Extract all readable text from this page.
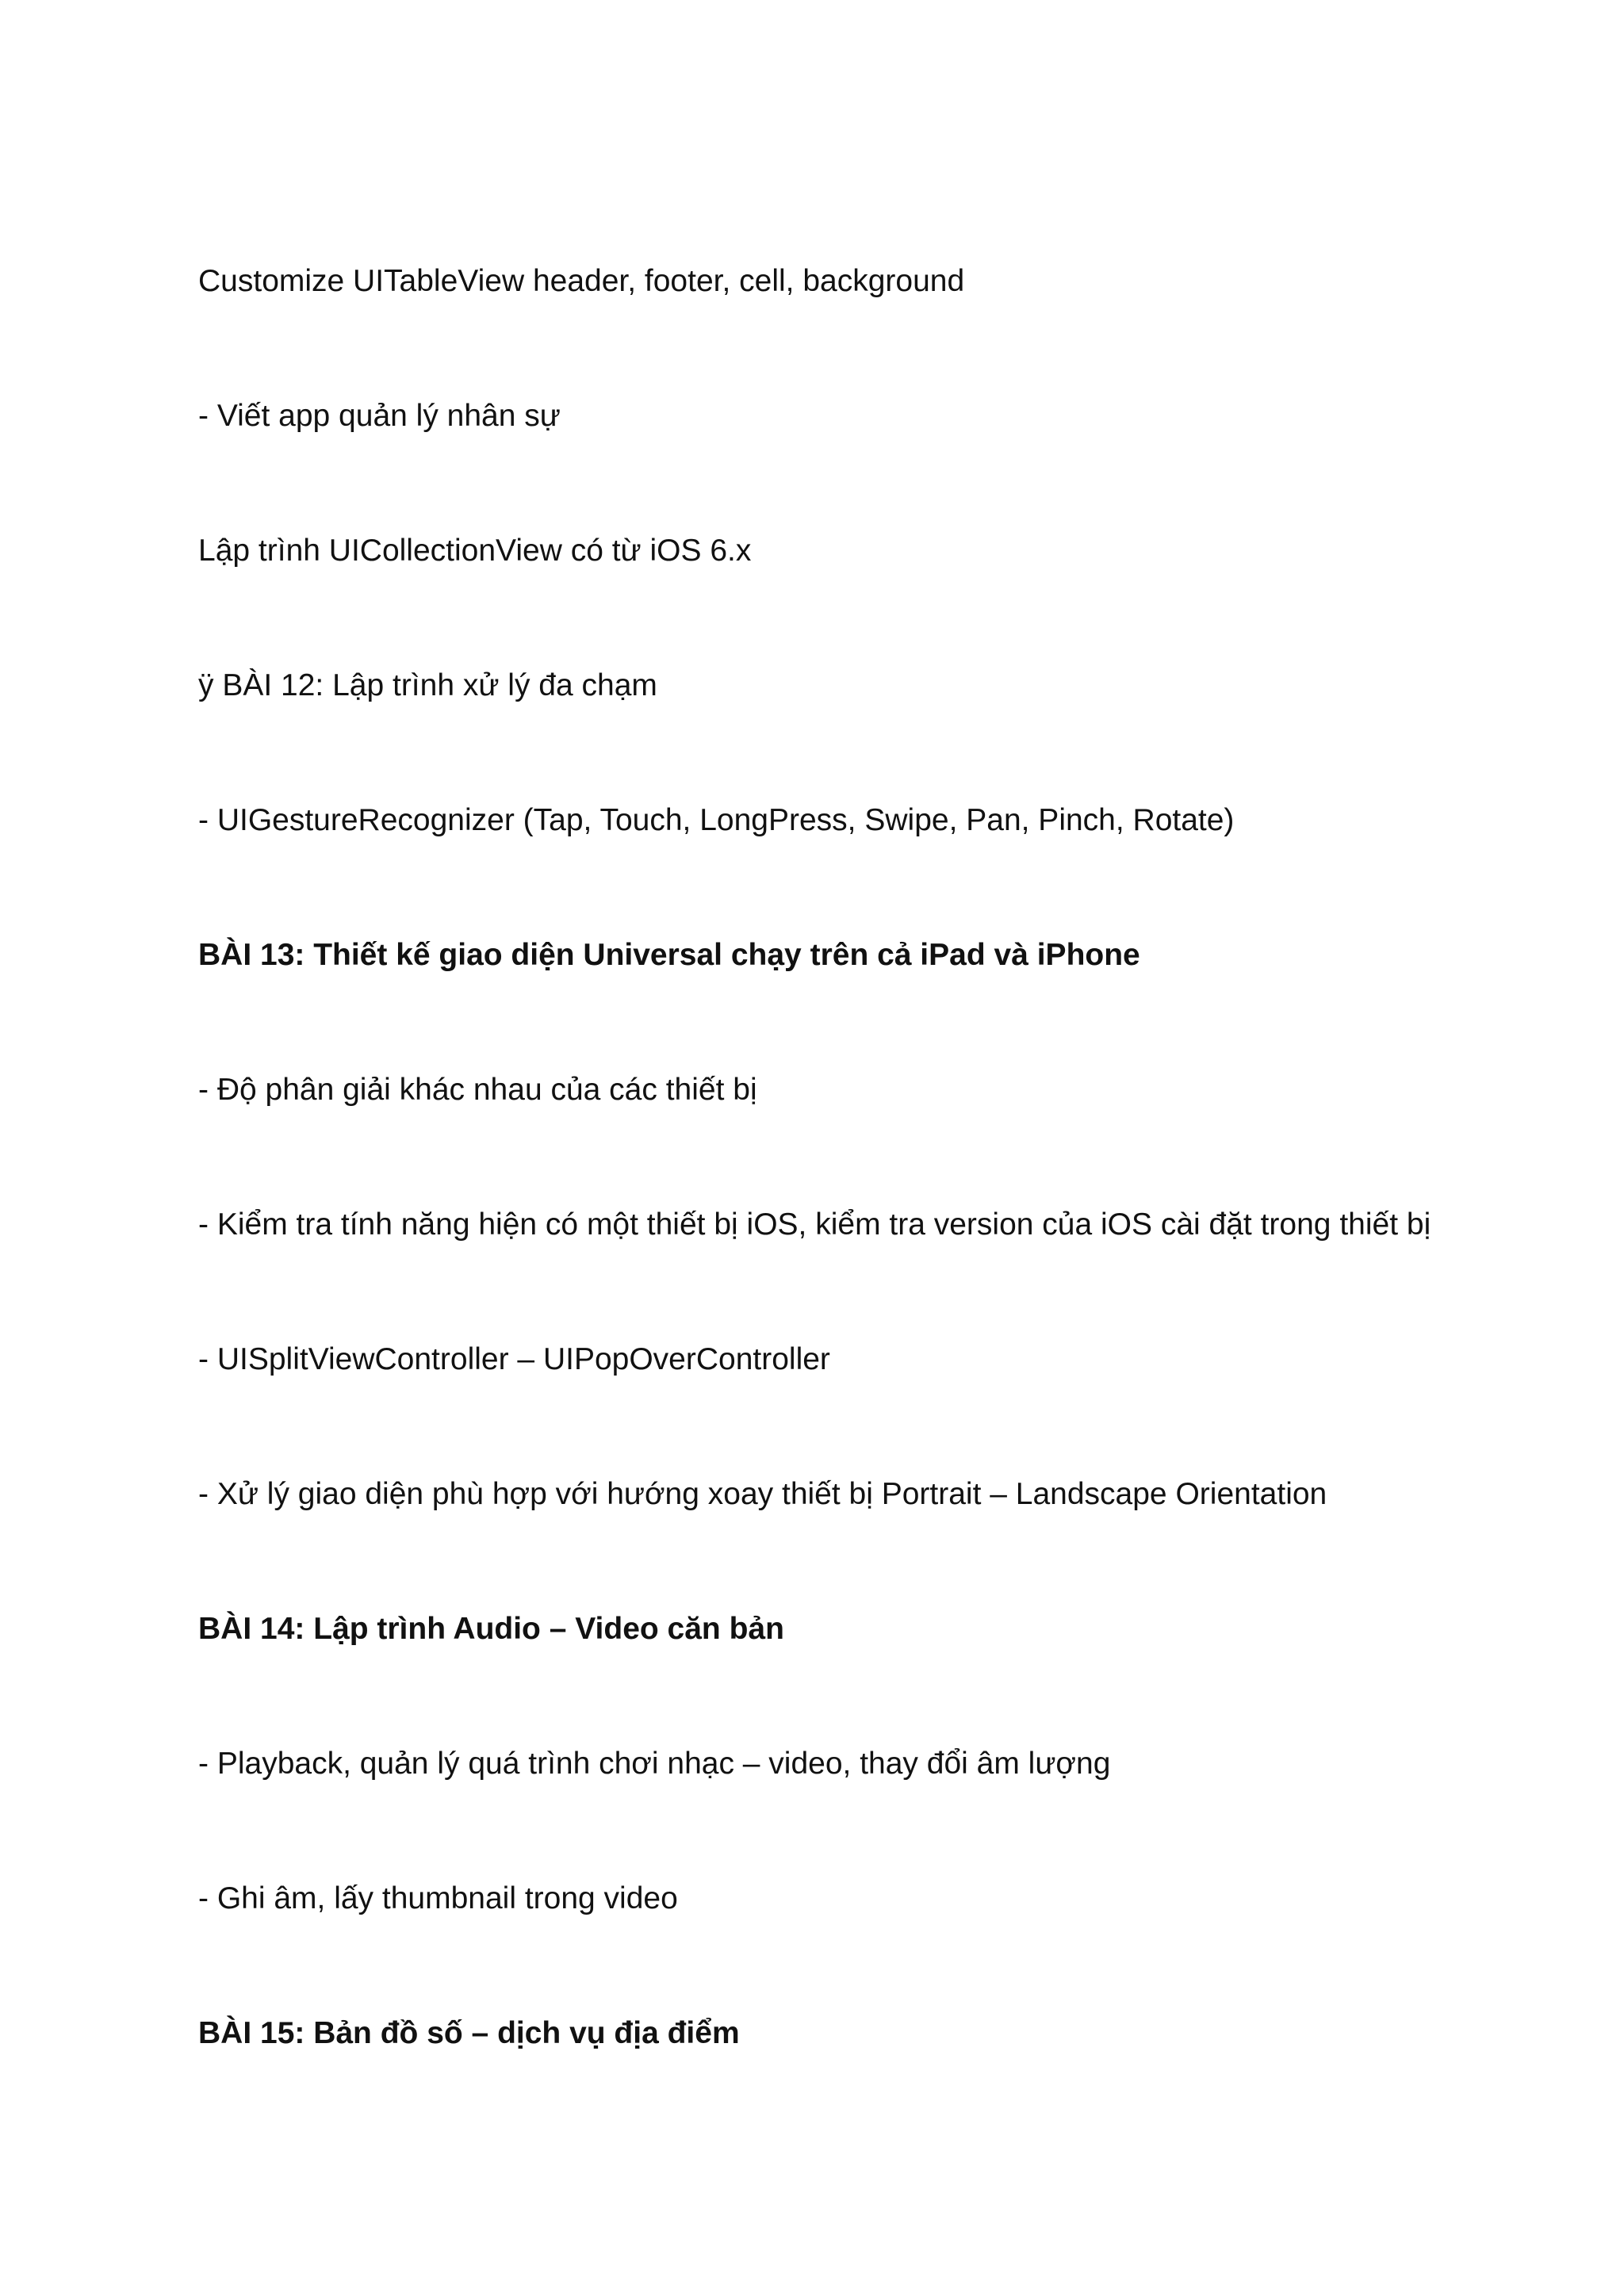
Customize UITableView header, footer, cell, background
- Viết app quản lý nhân sự
Lập trình UICollectionView có từ iOS 6.x
ÿ BÀI 12: Lập trình xử lý đa chạm
- UIGestureRecognizer (Tap, Touch, LongPress, Swipe, Pan, Pinch, Rotate)
BÀI 13: Thiết kế giao diện Universal chạy trên cả iPad và iPhone
- Độ phân giải khác nhau của các thiết bị
- Kiểm tra tính năng hiện có một thiết bị iOS, kiểm tra version của iOS cài đặt trong thiết bị
- UISplitViewController – UIPopOverController
- Xử lý giao diện phù hợp với hướng xoay thiết bị Portrait – Landscape Orientation
BÀI 14: Lập trình Audio – Video căn bản
- Playback, quản lý quá trình chơi nhạc – video, thay đổi âm lượng
- Ghi âm, lấy thumbnail trong video
BÀI 15: Bản đồ số – dịch vụ địa điểm
